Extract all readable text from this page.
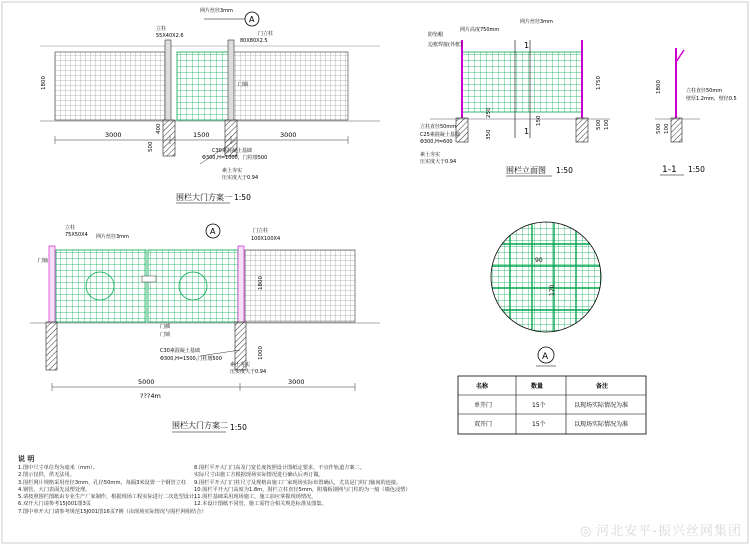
3000	1500	3000
1800
400
500
A
网片丝径3mm
立柱
55X40X2.6	门立柱
80X80X2.5
门锁
C30素混凝土基础
Φ300,H=1000，门柱墩500
素土夯实
压实度大于0.94
围栏大门方案一 1:50
5000
???4m
3000
1800
1000
A
立柱
75X50X4 网片丝径3mm
门立柱
100X100X4
门轴
门插
门锁
C30素混凝土基础
Φ300,H=1500,门柱墩500
素土夯实
压实度大于0.94
围栏大门方案二 1:50
1
1
防坠帽
网片高度750mm
网片丝径3mm
边框焊接(外框)
立柱直径50mm
C25素混凝土基础
Φ300,H=600
素土夯实
压实度大于0.94
1750
500 100
250
350
150
围栏立面图 1:50
立柱直径50mm
壁厚1.2mm，壁径0.5
1800
500 100
1-1 1:50
90
170
A
名称	数量	备注
单开门	15个	以现场实际情况为准
双开门	15个	以现场实际情况为准
说 明
1.图中尺寸单位均为毫米（mm）。
2.图示仅供，供无法用。
3.围栏网片规格采用丝径3mm，孔径50mm，每隔3米设置一个钢管立柱
4.钢管，大门表面先浸塑处理。
5.请按照围栏图纸由专业生产厂家制作，根据现场工程实际进行二次选型设计。
6.双开大门请参考15J001图3页
7.图中单开大门请参考规范15J001图16页7例（由现场实际情况与围栏网相结合）
8.围栏平开大门门高及门宽长度按照设计图纸定要求，不宜作轨道方案二。
实际尺寸由施工方根据现场实际情况进行确认后再订做。
9.围栏平开大门门柱尺寸及规格由施工厂家现场实际布置确认，尤其是门柱门轴间的连接。
10.围栏平开大门高度为1.8m，围栏立柱直径5mm，附墙板钢网与门柱的为一般（墙色浸塑）
11.围栏基础采用现场施工，施工前应掌握现场情况。
12.本设计图纸不同管，施工需符合相关规范标准及图集。
◎ 河北安平-振兴丝网集团
